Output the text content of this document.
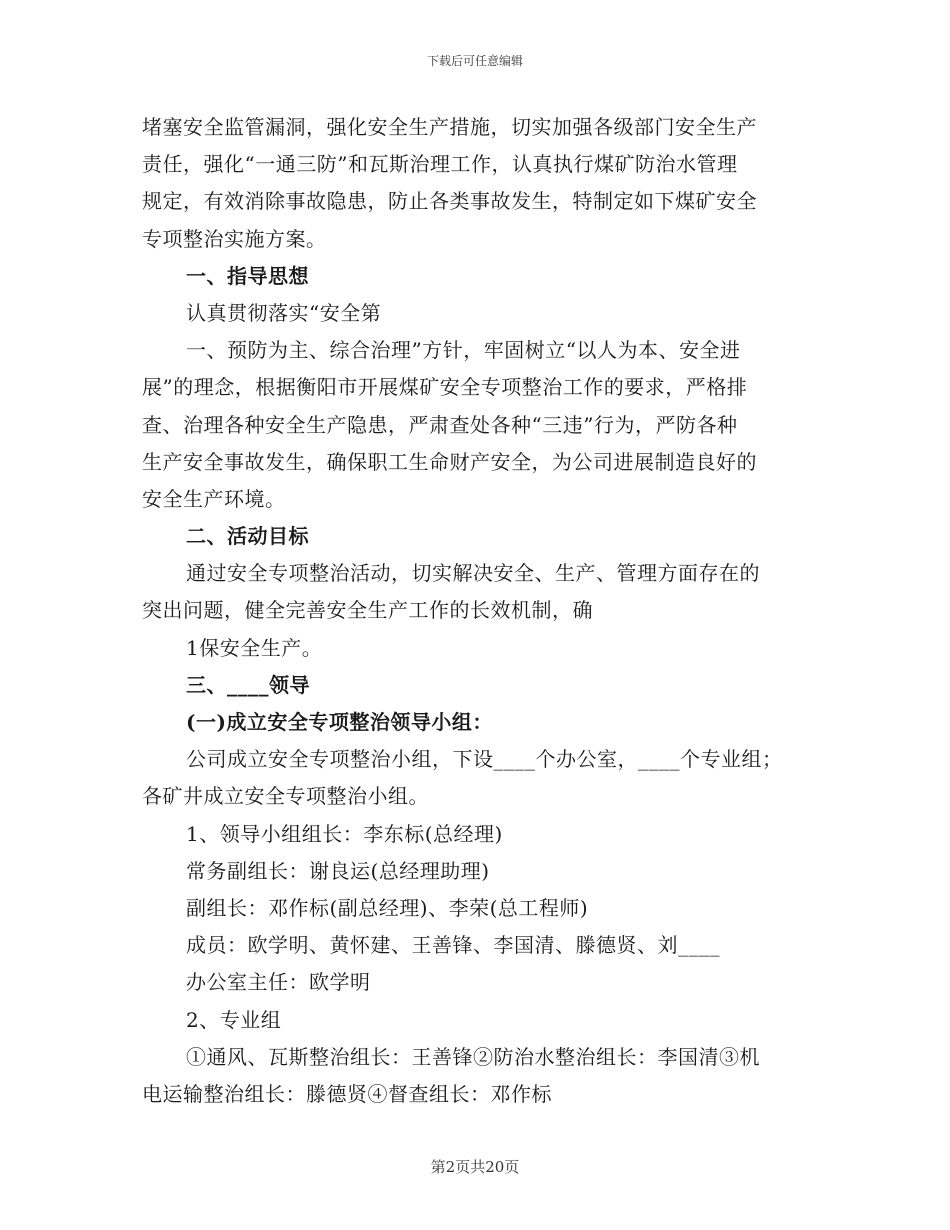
下载后可任意编辑
堵塞安全监管漏洞，强化安全生产措施，切实加强各级部门安全生产
责任，强化“一通三防”和瓦斯治理工作，认真执行煤矿防治水管理
规定，有效消除事故隐患，防止各类事故发生，特制定如下煤矿安全
专项整治实施方案。
一、指导思想
认真贯彻落实“安全第
一、预防为主、综合治理”方针，牢固树立“以人为本、安全进
展”的理念，根据衡阳市开展煤矿安全专项整治工作的要求，严格排
查、治理各种安全生产隐患，严肃查处各种“三违”行为，严防各种
生产安全事故发生，确保职工生命财产安全，为公司进展制造良好的
安全生产环境。
二、活动目标
通过安全专项整治活动，切实解决安全、生产、管理方面存在的
突出问题，健全完善安全生产工作的长效机制，确
1保安全生产。
三、____领导
(一)成立安全专项整治领导小组：
公司成立安全专项整治小组，下设____个办公室，____个专业组；
各矿井成立安全专项整治小组。
1、领导小组组长：李东标(总经理)
常务副组长：谢良运(总经理助理)
副组长：邓作标(副总经理)、李荣(总工程师)
成员：欧学明、黄怀建、王善锋、李国清、滕德贤、刘____
办公室主任：欧学明
2、专业组
①通风、瓦斯整治组长：王善锋②防治水整治组长：李国清③机
电运输整治组长：滕德贤④督查组长：邓作标
第2页共20页
